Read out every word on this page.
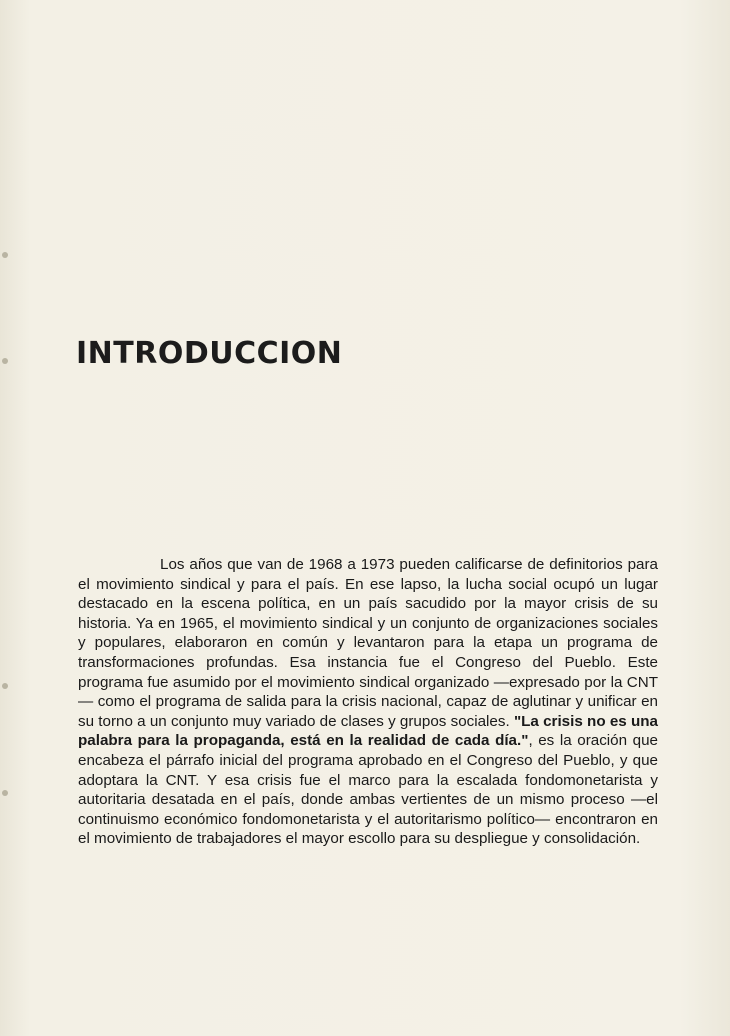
INTRODUCCION

Los años que van de 1968 a 1973 pueden calificarse de definitorios para el movimiento sindical y para el país. En ese lapso, la lucha social ocupó un lugar destacado en la escena política, en un país sacudido por la mayor crisis de su historia. Ya en 1965, el movimiento sindical y un conjunto de organizaciones sociales y populares, elaboraron en común y levantaron para la etapa un programa de transformaciones profundas. Esa instancia fue el Congreso del Pueblo. Este programa fue asumido por el movimiento sindical organizado —expresado por la CNT— como el programa de salida para la crisis nacional, capaz de aglutinar y unificar en su torno a un conjunto muy variado de clases y grupos sociales. "La crisis no es una palabra para la propaganda, está en la realidad de cada día.", es la oración que encabeza el párrafo inicial del programa aprobado en el Congreso del Pueblo, y que adoptara la CNT. Y esa crisis fue el marco para la escalada fondomonetarista y autoritaria desatada en el país, donde ambas vertientes de un mismo proceso —el continuismo económico fondomonetarista y el autoritarismo político— encontraron en el movimiento de trabajadores el mayor escollo para su despliegue y consolidación.
